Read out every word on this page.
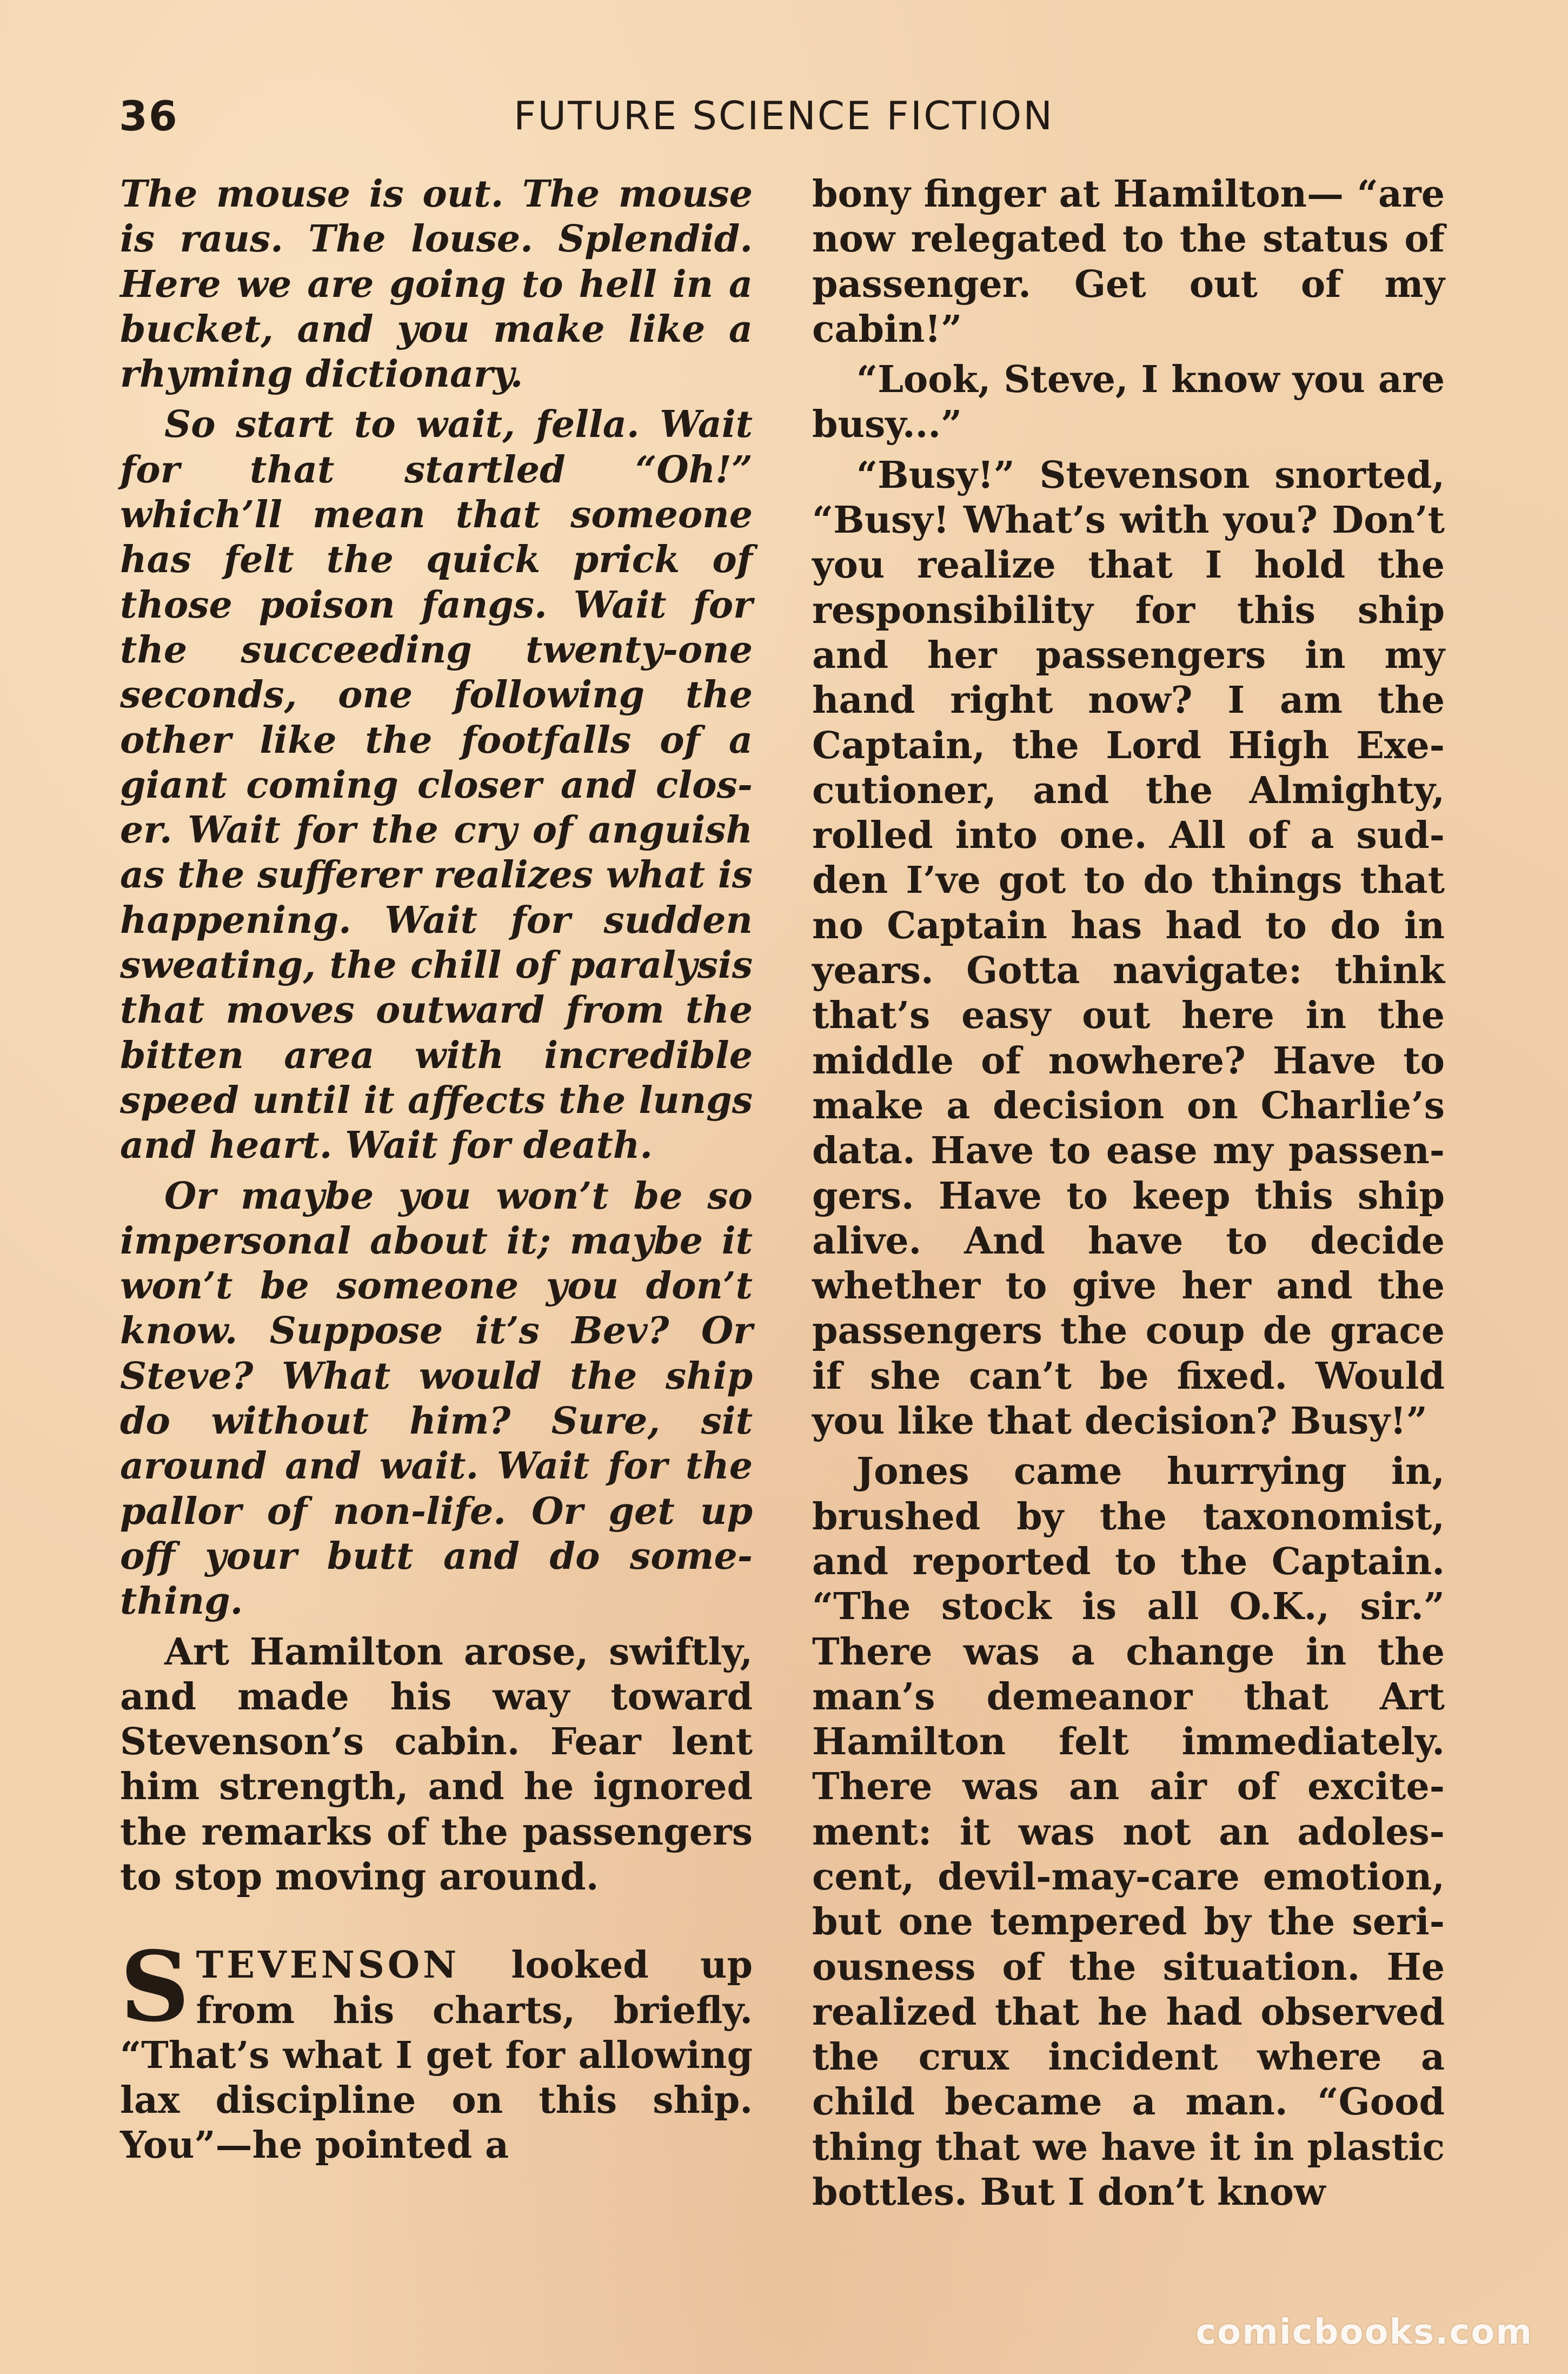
36	FUTURE SCIENCE FICTION

The mouse is out. The mouse is raus. The louse. Splendid. Here we are going to hell in a bucket, and you make like a rhyming dictionary.

So start to wait, fella. Wait for that startled “Oh!” which’ll mean that someone has felt the quick prick of those poison fangs. Wait for the succeeding twenty-one seconds, one following the other like the footfalls of a giant coming closer and closer. Wait for the cry of anguish as the sufferer realizes what is happening. Wait for sudden sweating, the chill of paralysis that moves outward from the bitten area with incredible speed until it affects the lungs and heart. Wait for death.

Or maybe you won’t be so impersonal about it; maybe it won’t be someone you don’t know. Suppose it’s Bev? Or Steve? What would the ship do without him? Sure, sit around and wait. Wait for the pallor of non-life. Or get up off your butt and do something.

Art Hamilton arose, swiftly, and made his way toward Stevenson’s cabin. Fear lent him strength, and he ignored the remarks of the passengers to stop moving around.

STEVENSON looked up from his charts, briefly. “That’s what I get for allowing lax discipline on this ship. You”—he pointed a

bony finger at Hamilton— “are now relegated to the status of passenger. Get out of my cabin!”

“Look, Steve, I know you are busy...”

“Busy!” Stevenson snorted, “Busy! What’s with you? Don’t you realize that I hold the responsibility for this ship and her passengers in my hand right now? I am the Captain, the Lord High Executioner, and the Almighty, rolled into one. All of a sudden I’ve got to do things that no Captain has had to do in years. Gotta navigate: think that’s easy out here in the middle of nowhere? Have to make a decision on Charlie’s data. Have to ease my passengers. Have to keep this ship alive. And have to decide whether to give her and the passengers the coup de grace if she can’t be fixed. Would you like that decision? Busy!”

Jones came hurrying in, brushed by the taxonomist, and reported to the Captain. “The stock is all O.K., sir.” There was a change in the man’s demeanor that Art Hamilton felt immediately. There was an air of excitement: it was not an adolescent, devil-may-care emotion, but one tempered by the seriousness of the situation. He realized that he had observed the crux incident where a child became a man. “Good thing that we have it in plastic bottles. But I don’t know

comicbooks.com
